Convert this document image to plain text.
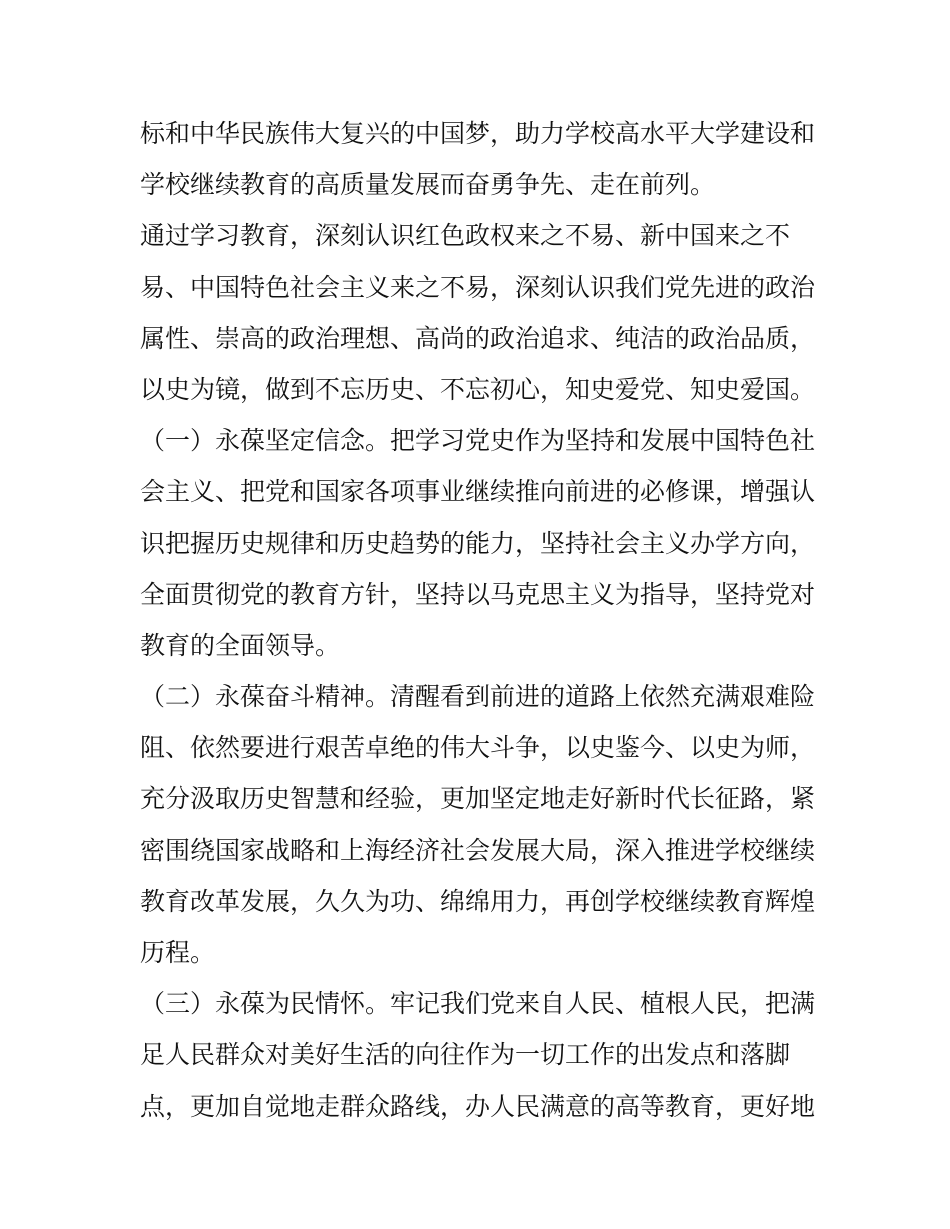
标和中华民族伟大复兴的中国梦，助力学校高水平大学建设和

学校继续教育的高质量发展而奋勇争先、走在前列。

通过学习教育，深刻认识红色政权来之不易、新中国来之不

易、中国特色社会主义来之不易，深刻认识我们党先进的政治

属性、崇高的政治理想、高尚的政治追求、纯洁的政治品质，

以史为镜，做到不忘历史、不忘初心，知史爱党、知史爱国。

（一）永葆坚定信念。把学习党史作为坚持和发展中国特色社

会主义、把党和国家各项事业继续推向前进的必修课，增强认

识把握历史规律和历史趋势的能力，坚持社会主义办学方向，

全面贯彻党的教育方针，坚持以马克思主义为指导，坚持党对

教育的全面领导。

（二）永葆奋斗精神。清醒看到前进的道路上依然充满艰难险

阻、依然要进行艰苦卓绝的伟大斗争，以史鉴今、以史为师，

充分汲取历史智慧和经验，更加坚定地走好新时代长征路，紧

密围绕国家战略和上海经济社会发展大局，深入推进学校继续

教育改革发展，久久为功、绵绵用力，再创学校继续教育辉煌

历程。

（三）永葆为民情怀。牢记我们党来自人民、植根人民，把满

足人民群众对美好生活的向往作为一切工作的出发点和落脚

点，更加自觉地走群众路线，办人民满意的高等教育，更好地
